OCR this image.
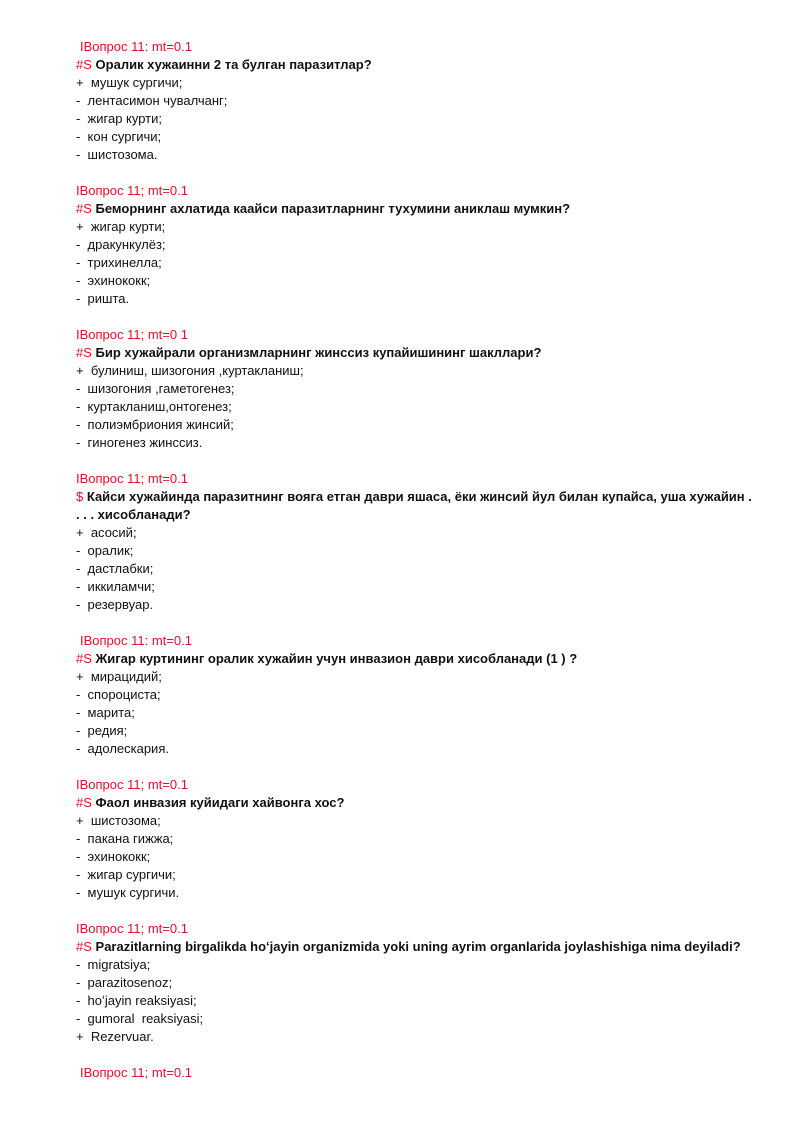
IВопрос 11: mt=0.1
#S Оралик хужаинни 2 та булган паразитлар?
+  мушук сургичи;
-  лентасимон чувалчанг;
-  жигар курти;
-  кон сургичи;
-  шистозома.
IВопрос 11; mt=0.1
#S Беморнинг ахлатида каайси паразитларнинг тухумини аниклаш мумкин?
+  жигар курти;
-  дракункулёз;
-  трихинелла;
-  эхинококк;
-  ришта.
IВопрос 11; mt=0 1
#S Бир хужайрали организмларнинг жинссиз купайишининг шакллари?
+  булиниш, шизогония ,куртакланиш;
-  шизогония ,гаметогенез;
-  куртакланиш,онтогенез;
-  полиэмбриония жинсий;
-  гиногенез жинссиз.
IВопрос 11; mt=0.1
$ Кайси хужайинда паразитнинг вояга етган даври яшаса, ёки жинсий йул билан купайса, уша хужайин . . . . хисобланади?
+  асосий;
-  оралик;
-  дастлабки;
-  иккиламчи;
-  резервуар.
IВопрос 11: mt=0.1
#S Жигар куртининг оралик хужайин учун инвазион даври хисобланади (1 ) ?
+  мирацидий;
-  спороциста;
-  марита;
-  редия;
-  адолескария.
IВопрос 11; mt=0.1
#S Фаол инвазия куйидаги хайвонга хос?
+  шистозома;
-  пакана гижжа;
-  эхинококк;
-  жигар сургичи;
-  мушук сургичи.
IВопрос 11; mt=0.1
#S Parazitlarning birgalikda hoʻjayin organizmida yoki uning ayrim organlarida joylashishiga nima deyiladi?
-  migratsiya;
-  parazitosenoz;
-  hoʻjayin reaksiyasi;
-  gumoral  reaksiyasi;
+  Rezervuar.
IВопрос 11; mt=0.1
